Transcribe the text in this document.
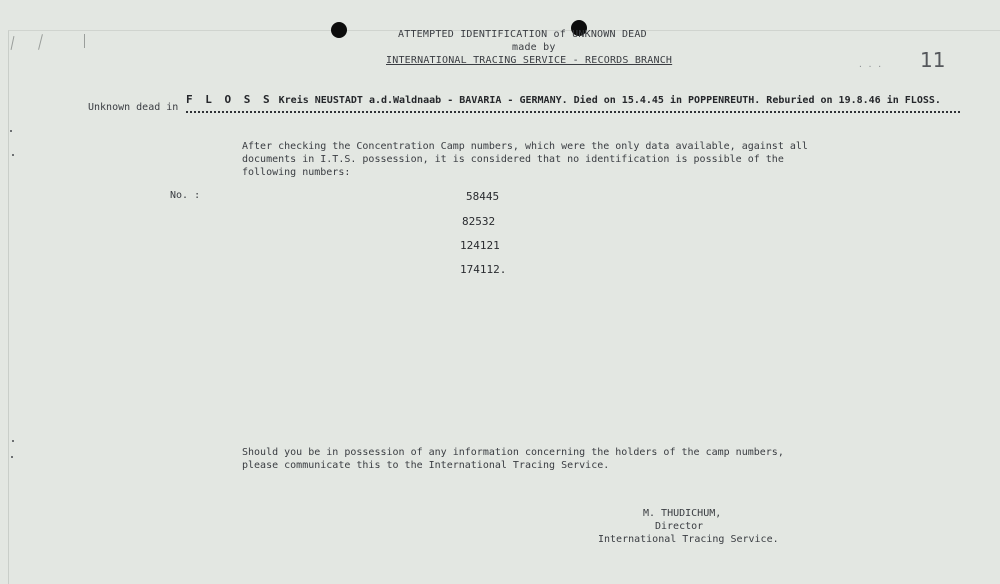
ATTEMPTED IDENTIFICATION of UNKNOWN DEAD
made by
INTERNATIONAL TRACING SERVICE - RECORDS BRANCH	. . . 11
Unknown dead in
F L O S S Kreis NEUSTADT a.d.Waldnaab - BAVARIA - GERMANY. Died on 15.4.45 in POPPENREUTH. Reburied on 19.8.46 in FLOSS.
After checking the Concentration Camp numbers, which were the only data available, against all
documents in I.T.S. possession, it is considered that no identification is possible of the
following numbers:
No. :	58445
82532
124121
174112.
Should you be in possession of any information concerning the holders of the camp numbers,
please communicate this to the International Tracing Service.
M. THUDICHUM,
Director
International Tracing Service.
